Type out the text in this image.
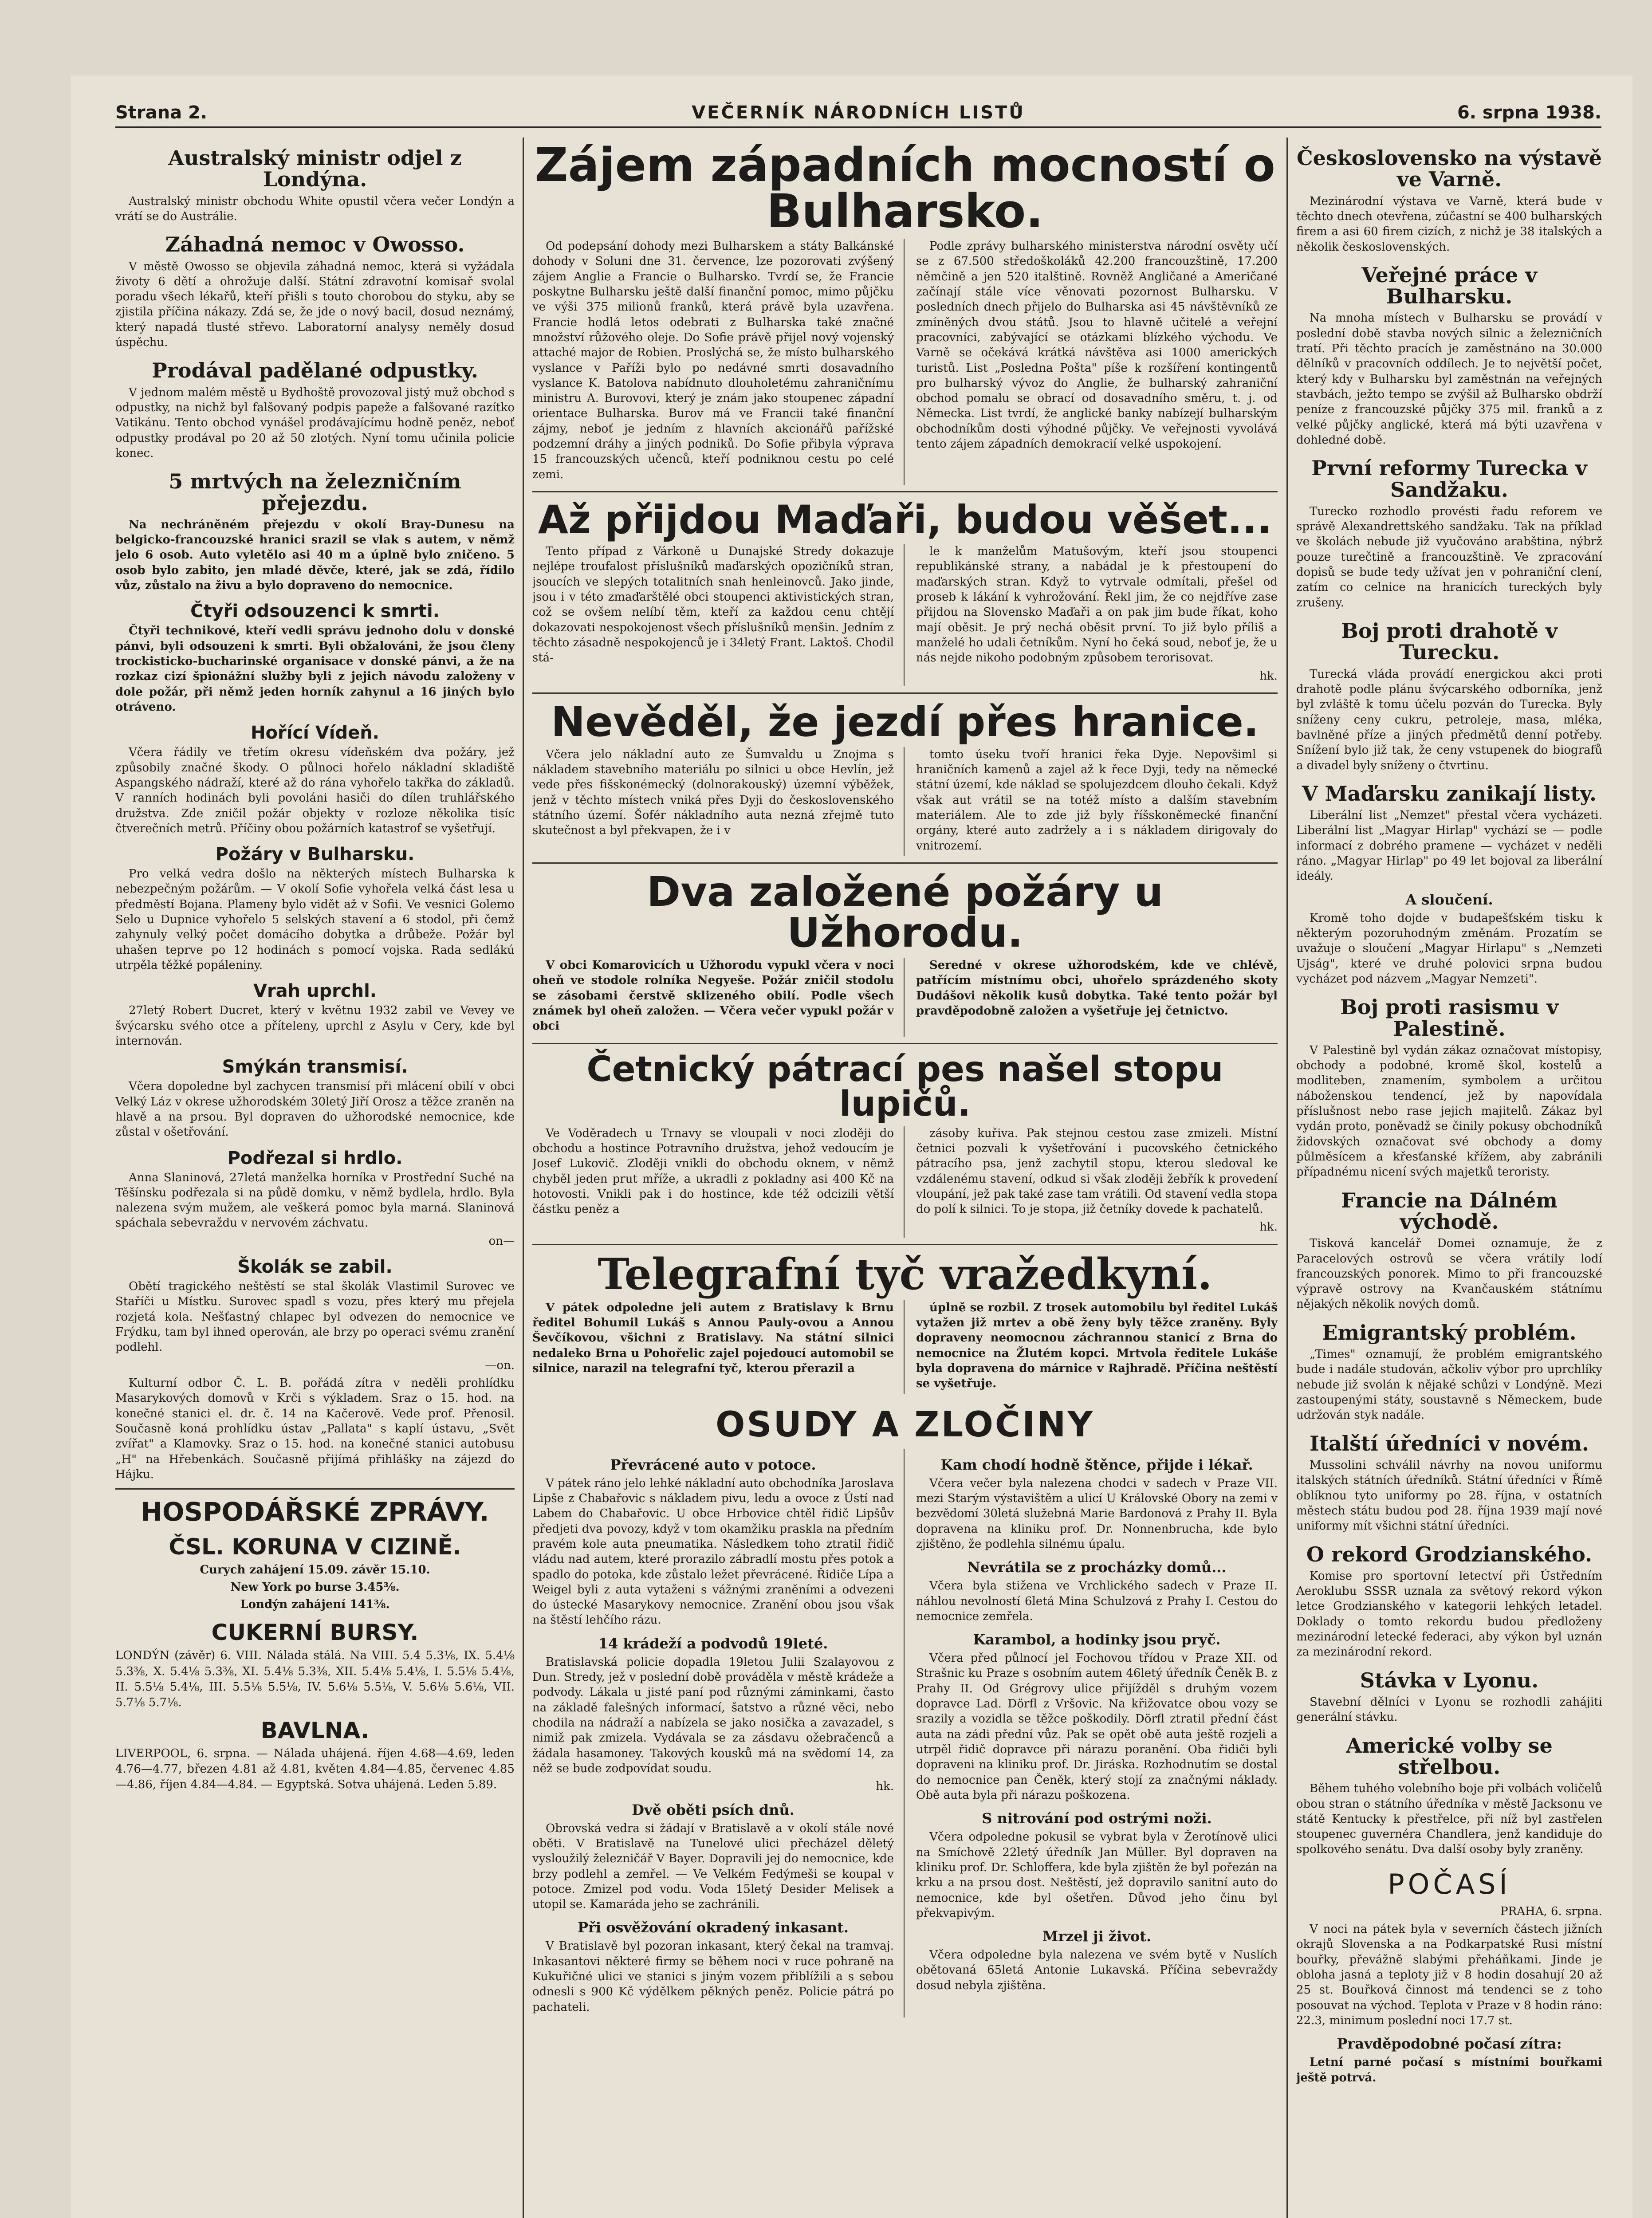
Strana 2.	VEČERNÍK NÁRODNÍCH LISTŮ	6. srpna 1938.
Australský ministr odjel z Londýna.

Australský ministr obchodu White opustil včera večer Londýn a vrátí se do Austrálie.

Záhadná nemoc v Owosso.

V městě Owosso se objevila záhadná nemoc, která si vyžádala životy 6 dětí a ohrožuje další. Státní zdravotní komisař svolal poradu všech lékařů, kteří přišli s touto chorobou do styku, aby se zjistila příčina nákazy. Zdá se, že jde o nový bacil, dosud neznámý, který napadá tlusté střevo. Laboratorní analysy neměly dosud úspěchu.

Prodával padělané odpustky.

V jednom malém městě u Bydhoště provozoval jistý muž obchod s odpustky, na nichž byl falšovaný podpis papeže a falšované razítko Vatikánu. Tento obchod vynášel prodávajícímu hodně peněz, neboť odpustky prodával po 20 až 50 zlotých. Nyní tomu učinila policie konec.

5 mrtvých na železničním přejezdu.

Na nechráněném přejezdu v okolí Bray-Dunesu na belgicko-francouzské hranici srazil se vlak s autem, v němž jelo 6 osob. Auto vyletělo asi 40 m a úplně bylo zničeno. 5 osob bylo zabito, jen mladé děvče, které, jak se zdá, řídilo vůz, zůstalo na živu a bylo dopraveno do nemocnice.

Čtyři odsouzenci k smrti.

Čtyři technikové, kteří vedli správu jednoho dolu v donské pánvi, byli odsouzeni k smrti. Byli obžalováni, že jsou členy trockisticko-bucharinské organisace v donské pánvi, a že na rozkaz cizí špionážní služby byli z jejich návodu založeny v dole požár, při němž jeden horník zahynul a 16 jiných bylo otráveno.

Hořící Vídeň.

Včera řádily ve třetím okresu vídeňském dva požáry, jež způsobily značné škody. O půlnoci hořelo nákladní skladiště Aspangského nádraží, které až do rána vyhořelo takřka do základů. V ranních hodinách byli povoláni hasiči do dílen truhlářského družstva. Zde zničil požár objekty v rozloze několika tisíc čtverečních metrů. Příčiny obou požárních katastrof se vyšetřují.

Požáry v Bulharsku.

Pro velká vedra došlo na některých místech Bulharska k nebezpečným požárům. — V okolí Sofie vyhořela velká část lesa u předměstí Bojana. Plameny bylo vidět až v Sofii. Ve vesnici Golemo Selo u Dupnice vyhořelo 5 selských stavení a 6 stodol, při čemž zahynuly velký počet domácího dobytka a drůbeže. Požár byl uhašen teprve po 12 hodinách s pomocí vojska. Rada sedlákú utrpěla těžké popáleniny.

Vrah uprchl.

27letý Robert Ducret, který v květnu 1932 zabil ve Vevey ve švýcarsku svého otce a příteleny, uprchl z Asylu v Cery, kde byl internován.

Smýkán transmisí.

Včera dopoledne byl zachycen transmisí při mlácení obilí v obci Velký Láz v okrese užhorodském 30letý Jiří Orosz a těžce zraněn na hlavě a na prsou. Byl dopraven do užhorodské nemocnice, kde zůstal v ošetřování.

Podřezal si hrdlo.

Anna Slaninová, 27letá manželka horníka v Prostřední Suché na Těšínsku podřezala si na půdě domku, v němž bydlela, hrdlo. Byla nalezena svým mužem, ale veškerá pomoc byla marná. Slaninová spáchala sebevraždu v nervovém záchvatu.

on—

Školák se zabil.

Obětí tragického neštěstí se stal školák Vlastimil Surovec ve Staříči u Místku. Surovec spadl s vozu, přes který mu přejela rozjetá kola. Nešťastný chlapec byl odvezen do nemocnice ve Frýdku, tam byl ihned operován, ale brzy po operaci svému zranění podlehl.

—on.

Kulturní odbor Č. L. B. pořádá zítra v neděli prohlídku Masarykových domovů v Krči s výkladem. Sraz o 15. hod. na konečné stanici el. dr. č. 14 na Kačerově. Vede prof. Přenosil. Současně koná prohlídku ústav „Pallata" s kaplí ústavu, „Svět zvířat" a Klamovky. Sraz o 15. hod. na konečné stanici autobusu „H" na Hřebenkách. Současně přijímá přihlášky na zájezd do Hájku.

HOSPODÁŘSKÉ ZPRÁVY.
ČSL. KORUNA V CIZINĚ.

Curych zahájení 15.09. závěr 15.10.

New York po burse 3.45⅜.

Londýn zahájení 141⅜.

CUKERNÍ BURSY.

LONDÝN (závěr) 6. VIII. Nálada stálá. Na VIII. 5.4 5.3⅛, IX. 5.4⅛ 5.3⅜, X. 5.4⅛ 5.3⅜, XI. 5.4⅛ 5.3⅜, XII. 5.4⅛ 5.4⅛, I. 5.5⅛ 5.4⅛, II. 5.5⅛ 5.4⅛, III. 5.5⅛ 5.5⅛, IV. 5.6⅛ 5.5⅛, V. 5.6⅛ 5.6⅛, VII. 5.7⅛ 5.7⅛.

BAVLNA.

LIVERPOOL, 6. srpna. — Nálada uhájená. říjen 4.68—4.69, leden 4.76—4.77, březen 4.81 až 4.81, květen 4.84—4.85, červenec 4.85—4.86, říjen 4.84—4.84. — Egyptská. Sotva uhájená. Leden 5.89.

Zájem západních mocností o Bulharsko.

Od podepsání dohody mezi Bulharskem a státy Balkánské dohody v Soluni dne 31. července, lze pozorovati zvýšený zájem Anglie a Francie o Bulharsko. Tvrdí se, že Francie poskytne Bulharsku ještě další finanční pomoc, mimo půjčku ve výši 375 milionů franků, která právě byla uzavřena. Francie hodlá letos odebrati z Bulharska také značné množství růžového oleje. Do Sofie právě přijel nový vojenský attaché major de Robien. Proslýchá se, že místo bulharského vyslance v Paříži bylo po nedávné smrti dosavadního vyslance K. Batolova nabídnuto dlouholetému zahraničnímu ministru A. Burovovi, který je znám jako stoupenec západní orientace Bulharska. Burov má ve Francii také finanční zájmy, neboť je jedním z hlavních akcionářů pařížské podzemní dráhy a jiných podniků. Do Sofie přibyla výprava 15 francouzských učenců, kteří podniknou cestu po celé zemi.

Podle zprávy bulharského ministerstva národní osvěty učí se z 67.500 středoškoláků 42.200 francouzštině, 17.200 němčině a jen 520 italštině. Rovněž Angličané a Američané začínají stále více věnovati pozornost Bulharsku. V posledních dnech přijelo do Bulharska asi 45 návštěvníků ze zmíněných dvou států. Jsou to hlavně učitelé a veřejní pracovníci, zabývající se otázkami blízkého východu. Ve Varně se očekává krátká návštěva asi 1000 amerických turistů. List „Posledna Pošta" píše k rozšíření kontingentů pro bulharský vývoz do Anglie, že bulharský zahraniční obchod pomalu se obrací od dosavadního směru, t. j. od Německa. List tvrdí, že anglické banky nabízejí bulharským obchodníkům dosti výhodné půjčky. Ve veřejnosti vyvolává tento zájem západních demokracií velké uspokojení.

Až přijdou Maďaři, budou věšet...

Tento případ z Várkoně u Dunajské Stredy dokazuje nejlépe troufalost příslušníků maďarských opozičníků stran, jsoucích ve slepých totalitních snah henleinovců. Jako jinde, jsou i v této zmaďarštělé obci stoupenci aktivistických stran, což se ovšem nelíbí těm, kteří za každou cenu chtějí dokazovati nespokojenost všech příslušníků menšin. Jedním z těchto zásadně nespokojenců je i 34letý Frant. Laktoš. Chodil stá-

le k manželům Matušovým, kteří jsou stoupenci republikánské strany, a nabádal je k přestoupení do maďarských stran. Když to vytrvale odmítali, přešel od proseb k lákání k vyhrožování. Řekl jim, že co nejdříve zase přijdou na Slovensko Maďaři a on pak jim bude říkat, koho mají oběsit. Je prý nechá oběsit první. To již bylo příliš a manželé ho udali četníkům. Nyní ho čeká soud, neboť je, že u nás nejde nikoho podobným způsobem terorisovat.

hk.

Nevěděl, že jezdí přes hranice.

Včera jelo nákladní auto ze Šumvaldu u Znojma s nákladem stavebního materiálu po silnici u obce Hevlín, jež vede přes fišskonémecký (dolnorakouský) územní výběžek, jenž v těchto místech vniká přes Dyji do československého státního území. Šofér nákladního auta nezná zřejmě tuto skutečnost a byl překvapen, že i v

tomto úseku tvoří hranici řeka Dyje. Nepovšiml si hraničních kamenů a zajel až k řece Dyji, tedy na německé státní území, kde náklad se spolujezdcem dlouho čekali. Když však aut vrátil se na totéž místo a dalším stavebním materiálem. Ale to zde již byly říšskoněmecké finanční orgány, které auto zadržely a i s nákladem dirigovaly do vnitrozemí.

Dva založené požáry u Užhorodu.

V obci Komarovicích u Užhorodu vypukl včera v noci oheň ve stodole rolníka Negyeše. Požár zničil stodolu se zásobami čerstvě sklizeného obilí. Podle všech známek byl oheň založen. — Včera večer vypukl požár v obci

Seredné v okrese užhorodském, kde ve chlévě, patřícím místnímu obci, uhořelo sprázdeného skoty Dudášovi několik kusů dobytka. Také tento požár byl pravděpodobně založen a vyšetřuje jej četnictvo.

Četnický pátrací pes našel stopu lupičů.

Ve Voděradech u Trnavy se vloupali v noci zloději do obchodu a hostince Potravního družstva, jehož vedoucím je Josef Lukovič. Zloději vnikli do obchodu oknem, v němž chyběl jeden prut mříže, a ukradli z pokladny asi 400 Kč na hotovosti. Vnikli pak i do hostince, kde též odcizili větší částku peněz a

zásoby kuřiva. Pak stejnou cestou zase zmizeli. Místní četnici pozvali k vyšetřování i pucovského četnického pátracího psa, jenž zachytil stopu, kterou sledoval ke vzdálenému stavení, odkud si však zloději žebřík k provedení vloupání, jež pak také zase tam vrátili. Od stavení vedla stopa do polí k silnici. To je stopa, již četníky dovede k pachatelů.

hk.

Telegrafní tyč vražedkyní.

V pátek odpoledne jeli autem z Bratislavy k Brnu ředitel Bohumil Lukáš s Annou Pauly-ovou a Annou Ševčíkovou, všichni z Bratislavy. Na státní silnici nedaleko Brna u Pohořelic zajel pojedoucí automobil se silnice, narazil na telegrafní tyč, kterou přerazil a

úplně se rozbil. Z trosek automobilu byl ředitel Lukáš vytažen již mrtev a obě ženy byly těžce zraněny. Byly dopraveny neomocnou záchrannou stanicí z Brna do nemocnice na Žlutém kopci. Mrtvola ředitele Lukáše byla dopravena do márnice v Rajhradě. Příčina neštěstí se vyšetřuje.

OSUDY A ZLOČINY
Převrácené auto v potoce.

V pátek ráno jelo lehké nákladní auto obchodníka Jaroslava Lipše z Chabařovic s nákladem pivu, ledu a ovoce z Ústí nad Labem do Chabařovic. U obce Hrbovice chtěl řidič Lipšův předjeti dva povozy, když v tom okamžiku praskla na předním pravém kole auta pneumatika. Následkem toho ztratil řidič vládu nad autem, které prorazilo zábradlí mostu přes potok a spadlo do potoka, kde zůstalo ležet převrácené. Řidiče Lípa a Weigel byli z auta vytaženi s vážnými zraněními a odvezeni do ústecké Masarykovy nemocnice. Zranění obou jsou však na štěstí lehčího rázu.

14 krádeží a podvodů 19leté.

Bratislavská policie dopadla 19letou Julii Szalayovou z Dun. Stredy, jež v poslední době prováděla v městě krádeže a podvody. Lákala u jisté paní pod různými záminkami, často na základě falešných informací, šatstvo a různé věci, nebo chodila na nádraží a nabízela se jako nosička a zavazadel, s nimiž pak zmizela. Vydávala se za zásdavu ožebračenců a žádala hasamoney. Takových kousků má na svědomí 14, za něž se bude zodpovídat soudu.

hk.

Dvě oběti psích dnů.

Obrovská vedra si žádají v Bratislavě a v okolí stále nové oběti. V Bratislavě na Tunelové ulici přecházel děletý vysloužilý železničář V Bayer. Dopravili jej do nemocnice, kde brzy podlehl a zemřel. — Ve Velkém Fedýmeši se koupal v potoce. Zmizel pod vodu. Voda 15letý Desider Melisek a utopil se. Kamaráda jeho se zachránili.

Při osvěžování okradený inkasant.

V Bratislavě byl pozoran inkasant, který čekal na tramvaj. Inkasantovi některé firmy se během noci v ruce pohraně na Kukuřičné ulici ve stanici s jiným vozem přiblížili a s sebou odnesli s 900 Kč výdělkem pěkných peněz. Policie pátrá po pachateli.

Kam chodí hodně štěnce, přijde i lékař.

Včera večer byla nalezena chodci v sadech v Praze VII. mezi Starým výstavištěm a ulicí U Královské Obory na zemi v bezvědomí 30letá služebná Marie Bardonová z Prahy II. Byla dopravena na kliniku prof. Dr. Nonnenbrucha, kde bylo zjištěno, že podlehla silnému úpalu.

Nevrátila se z procházky domů...

Včera byla stižena ve Vrchlického sadech v Praze II. náhlou nevolností 6letá Mina Schulzová z Prahy I. Cestou do nemocnice zemřela.

Karambol, a hodinky jsou pryč.

Včera před půlnocí jel Fochovou třídou v Praze XII. od Strašnic ku Praze s osobním autem 46letý úředník Čeněk B. z Prahy II. Od Grégrovy ulice přijížděl s druhým vozem dopravce Lad. Dörfl z Vršovic. Na křižovatce obou vozy se srazily a vozidla se těžce poškodily. Dörfl ztratil přední část auta na zádi přední vůz. Pak se opět obě auta ještě rozjeli a utrpěl řidič dopravce při nárazu poranění. Oba řidiči byli dopraveni na kliniku prof. Dr. Jiráska. Rozhodnutím se dostal do nemocnice pan Čeněk, který stojí za značnými náklady. Obě auta byla při nárazu poškozena.

S nitrování pod ostrými noži.

Včera odpoledne pokusil se vybrat byla v Žerotínově ulici na Smíchově 22letý úředník Jan Müller. Byl dopraven na kliniku prof. Dr. Schloffera, kde byla zjištěn že byl pořezán na krku a na prsou dost. Neštěstí, jež dopravilo sanitní auto do nemocnice, kde byl ošetřen. Důvod jeho činu byl překvapivým.

Mrzel ji život.

Včera odpoledne byla nalezena ve svém bytě v Nuslích obětovaná 65letá Antonie Lukavská. Příčina sebevraždy dosud nebyla zjištěna.

Československo na výstavě ve Varně.

Mezinárodní výstava ve Varně, která bude v těchto dnech otevřena, zúčastní se 400 bulharských firem a asi 60 firem cizích, z nichž je 38 italských a několik československých.

Veřejné práce v Bulharsku.

Na mnoha místech v Bulharsku se provádí v poslední době stavba nových silnic a železničních tratí. Při těchto pracích je zaměstnáno na 30.000 dělníků v pracovních oddílech. Je to největší počet, který kdy v Bulharsku byl zaměstnán na veřejných stavbách, ježto tempo se zvýšil až Bulharsko obdrží peníze z francouzské půjčky 375 mil. franků a z velké půjčky anglické, která má býti uzavřena v dohledné době.

První reformy Turecka v Sandžaku.

Turecko rozhodlo provésti řadu reforem ve správě Alexandrettského sandžaku. Tak na příklad ve školách nebude již vyučováno arabština, nýbrž pouze turečtině a francouzštině. Ve zpracování dopisů se bude tedy užívat jen v pohraniční clení, zatím co celnice na hranicích tureckých byly zrušeny.

Boj proti drahotě v Turecku.

Turecká vláda provádí energickou akci proti drahotě podle plánu švýcarského odborníka, jenž byl zvláště k tomu účelu pozván do Turecka. Byly sníženy ceny cukru, petroleje, masa, mléka, bavlněné příze a jiných předmětů denní potřeby. Snížení bylo již tak, že ceny vstupenek do biografů a divadel byly sníženy o čtvrtinu.

V Maďarsku zanikají listy.

Liberální list „Nemzet" přestal včera vycházeti. Liberální list „Magyar Hirlap" vychází se — podle informací z dobrého pramene — vycházet v neděli ráno. „Magyar Hirlap" po 49 let bojoval za liberální ideály.

A sloučení.

Kromě toho dojde v budapešťském tisku k některým pozoruhodným změnám. Prozatím se uvažuje o sloučení „Magyar Hirlapu" s „Nemzeti Ujság", které ve druhé polovici srpna budou vycházet pod názvem „Magyar Nemzeti".

Boj proti rasismu v Palestině.

V Palestině byl vydán zákaz označovat místopisy, obchody a podobné, kromě škol, kostelů a modliteben, znamením, symbolem a určitou náboženskou tendencí, jež by napovídala příslušnost nebo rase jejich majitelů. Zákaz byl vydán proto, poněvadž se činily pokusy obchodníků židovských označovat své obchody a domy půlměsícem a křesťanské křížem, aby zabránili případnému nicení svých majetků teroristy.

Francie na Dálném východě.

Tisková kancelář Domei oznamuje, že z Paracelových ostrovů se včera vrátily lodí francouzských ponorek. Mimo to při francouzské výpravě ostrovy na Kvančauském státnímu nějakých několik nových domů.

Emigrantský problém.

„Times" oznamují, že problém emigrantského bude i nadále studován, ačkoliv výbor pro uprchlíky nebude již svolán k nějaké schůzi v Londýně. Mezi zastoupenými státy, soustavně s Německem, bude udržován styk nadále.

Italští úředníci v novém.

Mussolini schválil návrhy na novou uniformu italských státních úředníků. Státní úředníci v Římě oblíknou tyto uniformy po 28. října, v ostatních městech státu budou pod 28. října 1939 mají nové uniformy mít všichni státní úředníci.

O rekord Grodzianského.

Komise pro sportovní letectví při Ústředním Aeroklubu SSSR uznala za světový rekord výkon letce Grodzianského v kategorii lehkých letadel. Doklady o tomto rekordu budou předloženy mezinárodní letecké federaci, aby výkon byl uznán za mezinárodní rekord.

Stávka v Lyonu.

Stavební dělníci v Lyonu se rozhodli zahájiti generální stávku.

Americké volby se střelbou.

Během tuhého volebního boje při volbách voličelů obou stran o státního úředníka v městě Jacksonu ve státě Kentucky k přestřelce, při níž byl zastřelen stoupenec guvernéra Chandlera, jenž kandiduje do spolkového senátu. Dva další osoby byly zraněny.

POČASÍ

PRAHA, 6. srpna.

V noci na pátek byla v severních částech jižních okrajů Slovenska a na Podkarpatské Rusi místní bouřky, převážně slabými přeháňkami. Jinde je obloha jasná a teploty již v 8 hodin dosahují 20 až 25 st. Bouřková činnost má tendenci se z toho posouvat na východ. Teplota v Praze v 8 hodin ráno: 22.3, minimum poslední noci 17.7 st.

Pravděpodobné počasí zítra:

Letní parné počasí s místními bouřkami ještě potrvá.
